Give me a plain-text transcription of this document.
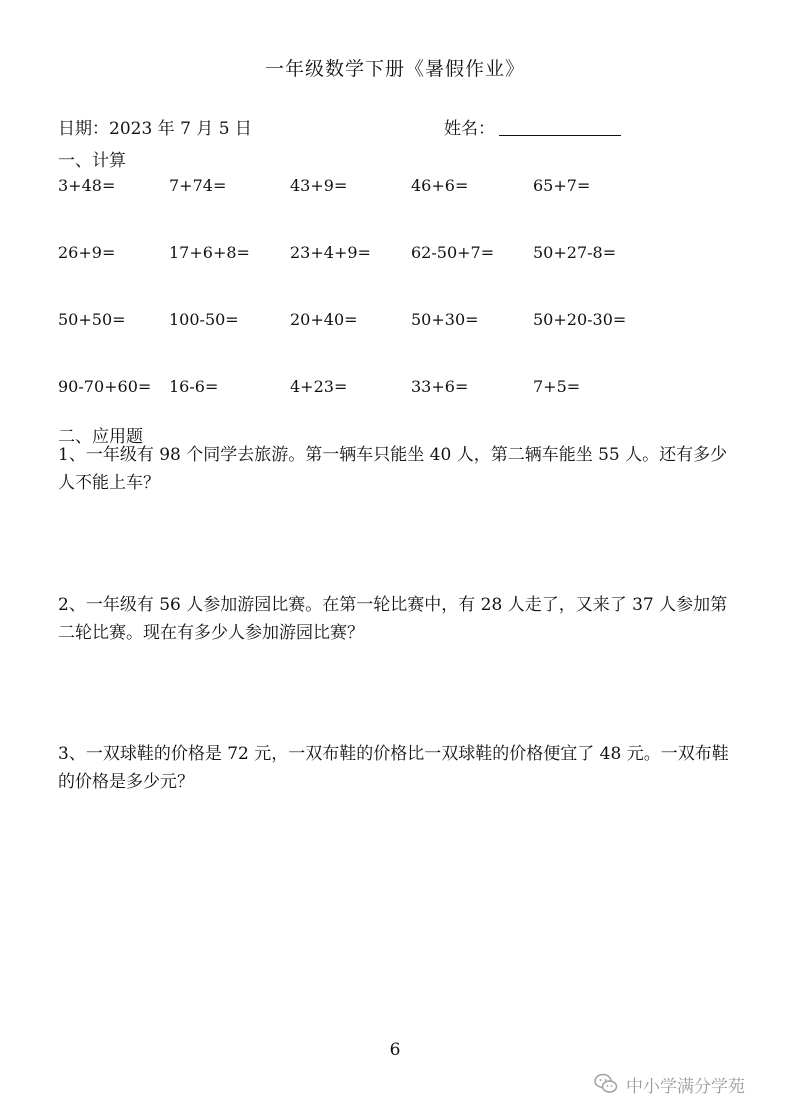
一年级数学下册《暑假作业》
日期：2023 年 7 月 5 日	姓名：
一、计算
3+48=	7+74=	43+9=	46+6=	65+7=
26+9=	17+6+8=	23+4+9=	62-50+7= 50+27-8=
50+50=	100-50=	20+40=	50+30=	50+20-30=
90-70+60= 16-6=	4+23=	33+6=	7+5=
二、应用题
1、一年级有 98 个同学去旅游。第一辆车只能坐 40 人，第二辆车能坐 55 人。还有多少人不能上车？
2、一年级有 56 人参加游园比赛。在第一轮比赛中，有 28 人走了，又来了 37 人参加第二轮比赛。现在有多少人参加游园比赛？
3、一双球鞋的价格是 72 元，一双布鞋的价格比一双球鞋的价格便宜了 48 元。一双布鞋的价格是多少元？
6
中小学满分学苑
